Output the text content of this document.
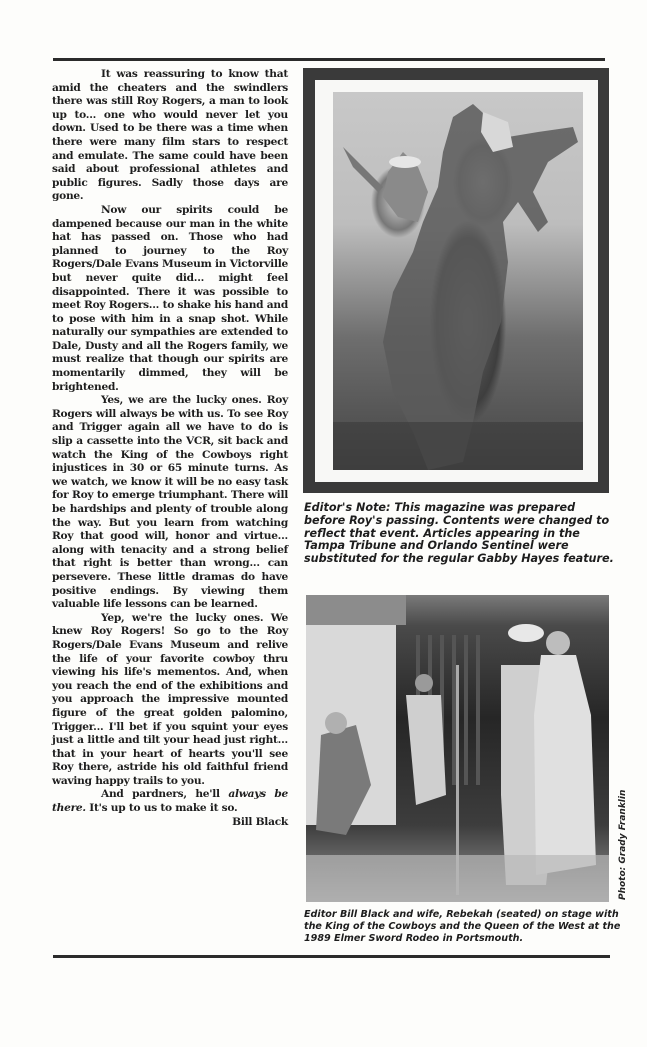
It was reassuring to know that amid the cheaters and the swindlers there was still Roy Rogers, a man to look up to... one who would never let you down. Used to be there was a time when there were many film stars to respect and emulate. The same could have been said about professional athletes and public figures. Sadly those days are gone.

Now our spirits could be dampened because our man in the white hat has passed on. Those who had planned to journey to the Roy Rogers/Dale Evans Museum in Victorville but never quite did... might feel disappointed. There it was possible to meet Roy Rogers... to shake his hand and to pose with him in a snap shot. While naturally our sympathies are extended to Dale, Dusty and all the Rogers family, we must realize that though our spirits are momentarily dimmed, they will be brightened.

Yes, we are the lucky ones. Roy Rogers will always be with us. To see Roy and Trigger again all we have to do is slip a cassette into the VCR, sit back and watch the King of the Cowboys right injustices in 30 or 65 minute turns. As we watch, we know it will be no easy task for Roy to emerge triumphant. There will be hardships and plenty of trouble along the way. But you learn from watching Roy that good will, honor and virtue... along with tenacity and a strong belief that right is better than wrong... can persevere. These little dramas do have positive endings. By viewing them valuable life lessons can be learned.

Yep, we're the lucky ones. We knew Roy Rogers! So go to the Roy Rogers/Dale Evans Museum and relive the life of your favorite cowboy thru viewing his life's mementos. And, when you reach the end of the exhibitions and you approach the impressive mounted figure of the great golden palomino, Trigger... I'll bet if you squint your eyes just a little and tilt your head just right... that in your heart of hearts you'll see Roy there, astride his old faithful friend waving happy trails to you.

And pardners, he'll always be there. It's up to us to make it so.

Bill Black

Editor's Note: This magazine was prepared before Roy's passing. Contents were changed to reflect that event. Articles appearing in the Tampa Tribune and Orlando Sentinel were substituted for the regular Gabby Hayes feature.
Photo: Grady Franklin
Editor Bill Black and wife, Rebekah (seated) on stage with the King of the Cowboys and the Queen of the West at the 1989 Elmer Sword Rodeo in Portsmouth.
